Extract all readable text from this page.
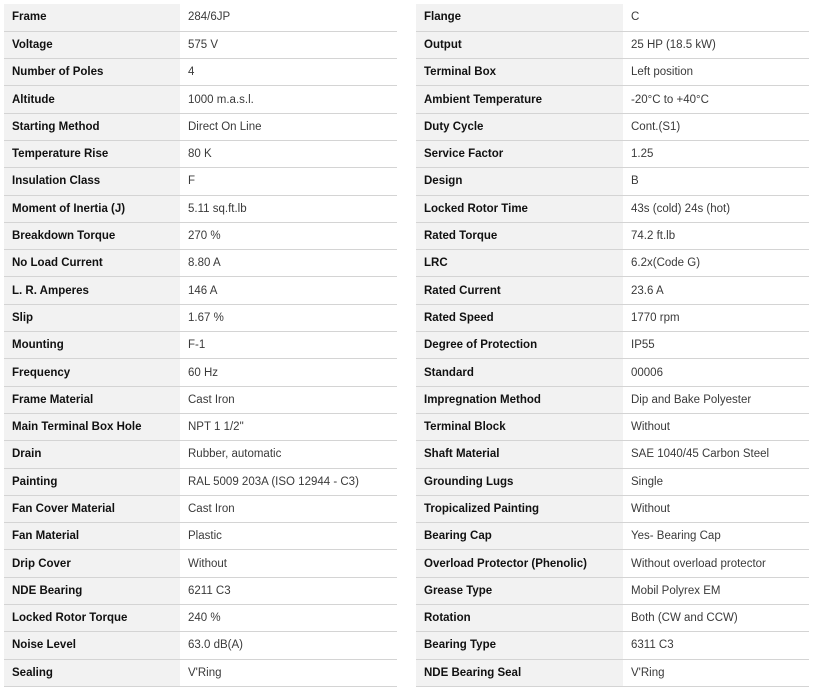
Frame	284/6JP
Voltage	575 V
Number of Poles	4
Altitude	1000 m.a.s.l.
Starting Method	Direct On Line
Temperature Rise	80 K
Insulation Class	F
Moment of Inertia (J)	5.11 sq.ft.lb
Breakdown Torque	270 %
No Load Current	8.80 A
L. R. Amperes	146 A
Slip	1.67 %
Mounting	F-1
Frequency	60 Hz
Frame Material	Cast Iron
Main Terminal Box Hole	NPT 1 1/2"
Drain	Rubber, automatic
Painting	RAL 5009 203A (ISO 12944 - C3)
Fan Cover Material	Cast Iron
Fan Material	Plastic
Drip Cover	Without
NDE Bearing	6211 C3
Locked Rotor Torque	240 %
Noise Level	63.0 dB(A)
Sealing	V'Ring
Flange	C
Output	25 HP (18.5 kW)
Terminal Box	Left position
Ambient Temperature	-20°C to +40°C
Duty Cycle	Cont.(S1)
Service Factor	1.25
Design	B
Locked Rotor Time	43s (cold) 24s (hot)
Rated Torque	74.2 ft.lb
LRC	6.2x(Code G)
Rated Current	23.6 A
Rated Speed	1770 rpm
Degree of Protection	IP55
Standard	00006
Impregnation Method	Dip and Bake Polyester
Terminal Block	Without
Shaft Material	SAE 1040/45 Carbon Steel
Grounding Lugs	Single
Tropicalized Painting	Without
Bearing Cap	Yes- Bearing Cap
Overload Protector (Phenolic)	Without overload protector
Grease Type	Mobil Polyrex EM
Rotation	Both (CW and CCW)
Bearing Type	6311 C3
NDE Bearing Seal	V'Ring
